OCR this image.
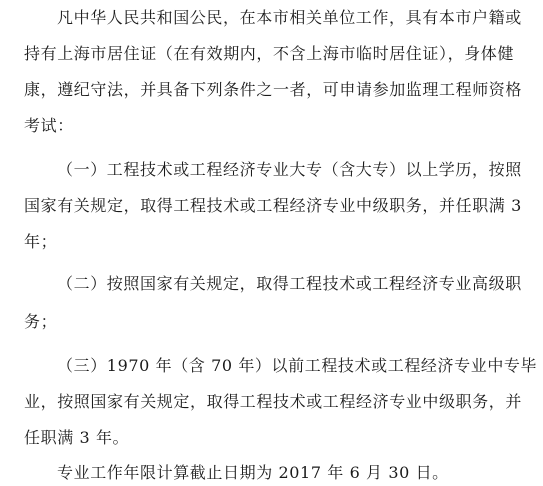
凡中华人民共和国公民，在本市相关单位工作，具有本市户籍或
持有上海市居住证（在有效期内，不含上海市临时居住证），身体健
康，遵纪守法，并具备下列条件之一者，可申请参加监理工程师资格
考试：
（一）工程技术或工程经济专业大专（含大专）以上学历，按照
国家有关规定，取得工程技术或工程经济专业中级职务，并任职满 3
年；
（二）按照国家有关规定，取得工程技术或工程经济专业高级职
务；
（三）1970 年（含 70 年）以前工程技术或工程经济专业中专毕
业，按照国家有关规定，取得工程技术或工程经济专业中级职务，并
任职满 3 年。
专业工作年限计算截止日期为 2017 年 6 月 30 日。
